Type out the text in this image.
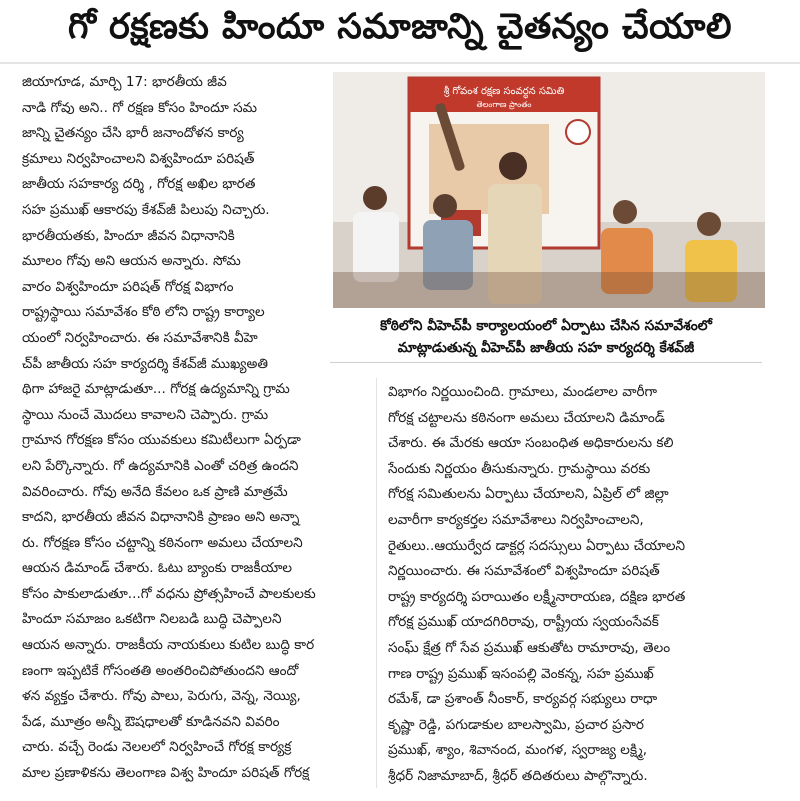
గో రక్షణకు హిందూ సమాజాన్ని చైతన్యం చేయాలి
జియాగూడ, మార్చి 17: భారతీయ జీవ
నాడి గోవు అని.. గో రక్షణ కోసం హిందూ సమ
జాన్ని చైతన్యం చేసి భారీ జనాందోళన కార్య
క్రమాలు నిర్వహించాలని విశ్వహిందూ పరిషత్
జాతీయ సహకార్య దర్శి , గోరక్ష అఖిల భారత
సహ ప్రముఖ్ ఆకారపు కేశవ్‌జీ పిలుపు నిచ్చారు.
భారతీయతకు, హిందూ జీవన విధానానికి
మూలం గోవు అని ఆయన అన్నారు. సోమ
వారం విశ్వహిందూ పరిషత్ గోరక్ష విభాగం
రాష్ట్రస్థాయి సమావేశం కోఠి లోని రాష్ట్ర కార్యాల
యంలో నిర్వహించారు. ఈ సమావేశానికి వీహె
చ్‌పీ జాతీయ సహ కార్యదర్శి కేశవ్‌జీ ముఖ్యఅతి
థిగా హాజరై మాట్లాడుతూ... గోరక్ష ఉద్యమాన్ని గ్రామ
స్థాయి నుంచే మొదలు కావాలని చెప్పారు. గ్రామ
గ్రామాన గోరక్షణ కోసం యువకులు కమిటీలుగా ఏర్పడా
లని పేర్కొన్నారు. గో ఉద్యమానికి ఎంతో చరిత్ర ఉందని
వివరించారు. గోవు అనేది కేవలం ఒక ప్రాణి మాత్రమే
కాదని, భారతీయ జీవన విధానానికి ప్రాణం అని అన్నా
రు. గోరక్షణ కోసం చట్టాన్ని కఠినంగా అమలు చేయాలని
ఆయన డిమాండ్ చేశారు. ఓటు బ్యాంకు రాజకీయాల
కోసం పాకులాడుతూ...గో వధను ప్రోత్సహించే పాలకులకు
హిందూ సమాజం ఒకటిగా నిలబడి బుద్ధి చెప్పాలని
ఆయన అన్నారు. రాజకీయ నాయకులు కుటిల బుద్ధి కార
ణంగా ఇప్పటికే గోసంతతి అంతరించిపోతుందని ఆందో
ళన వ్యక్తం చేశారు. గోవు పాలు, పెరుగు, వెన్న, నెయ్యి,
పేడ, మూత్రం అన్నీ ఔషధాలతో కూడినవని వివరిం
చారు. వచ్చే రెండు నెలలలో నిర్వహించే గోరక్ష కార్యక్ర
మాల ప్రణాళికను తెలంగాణ విశ్వ హిందూ పరిషత్ గోరక్ష
శ్రీ గోవంశ రక్షణ సంవర్ధన సమితి
తెలంగాణ ప్రాంతం
కోఠిలోని వీహెచ్‌పీ కార్యాలయంలో ఏర్పాటు చేసిన సమావేశంలో
మాట్లాడుతున్న వీహెచ్‌పీ జాతీయ సహ కార్యదర్శి కేశవ్‌జీ
విభాగం నిర్ణయించింది. గ్రామాలు, మండలాల వారీగా
గోరక్ష చట్టాలను కఠినంగా అమలు చేయాలని డిమాండ్
చేశారు. ఈ మేరకు ఆయా సంబంధిత అధికారులను కలి
సేందుకు నిర్ణయం తీసుకున్నారు. గ్రామస్థాయి వరకు
గోరక్ష సమితులను ఏర్పాటు చేయాలని, ఏప్రిల్ లో జిల్లా
లవారీగా కార్యకర్తల సమావేశాలు నిర్వహించాలని,
రైతులు..ఆయుర్వేద డాక్టర్ల సదస్సులు ఏర్పాటు చేయాలని
నిర్ణయించారు. ఈ సమావేశంలో విశ్వహిందూ పరిషత్
రాష్ట్ర కార్యదర్శి పరాయితం లక్ష్మీనారాయణ, దక్షిణ భారత
గోరక్ష ప్రముఖ్ యాదగిరిరావు, రాష్ట్రీయ స్వయంసేవక్
సంఘ్ క్షేత్ర గో సేవ ప్రముఖ్ ఆకుతోట రామారావు, తెలం
గాణ రాష్ట్ర ప్రముఖ్ ఇసంపల్లి వెంకన్న, సహ ప్రముఖ్
రమేశ్, డా ప్రశాంత్ నీంకార్, కార్యవర్గ సభ్యులు రాధా
కృష్ణా రెడ్డి, పగుడాకుల బాలస్వామి, ప్రచార ప్రసార
ప్రముఖ్, శ్యాం, శివానంద, మంగళ, స్వరాజ్య లక్ష్మి,
శ్రీధర్ నిజామాబాద్, శ్రీధర్ తదితరులు పాల్గొన్నారు.
